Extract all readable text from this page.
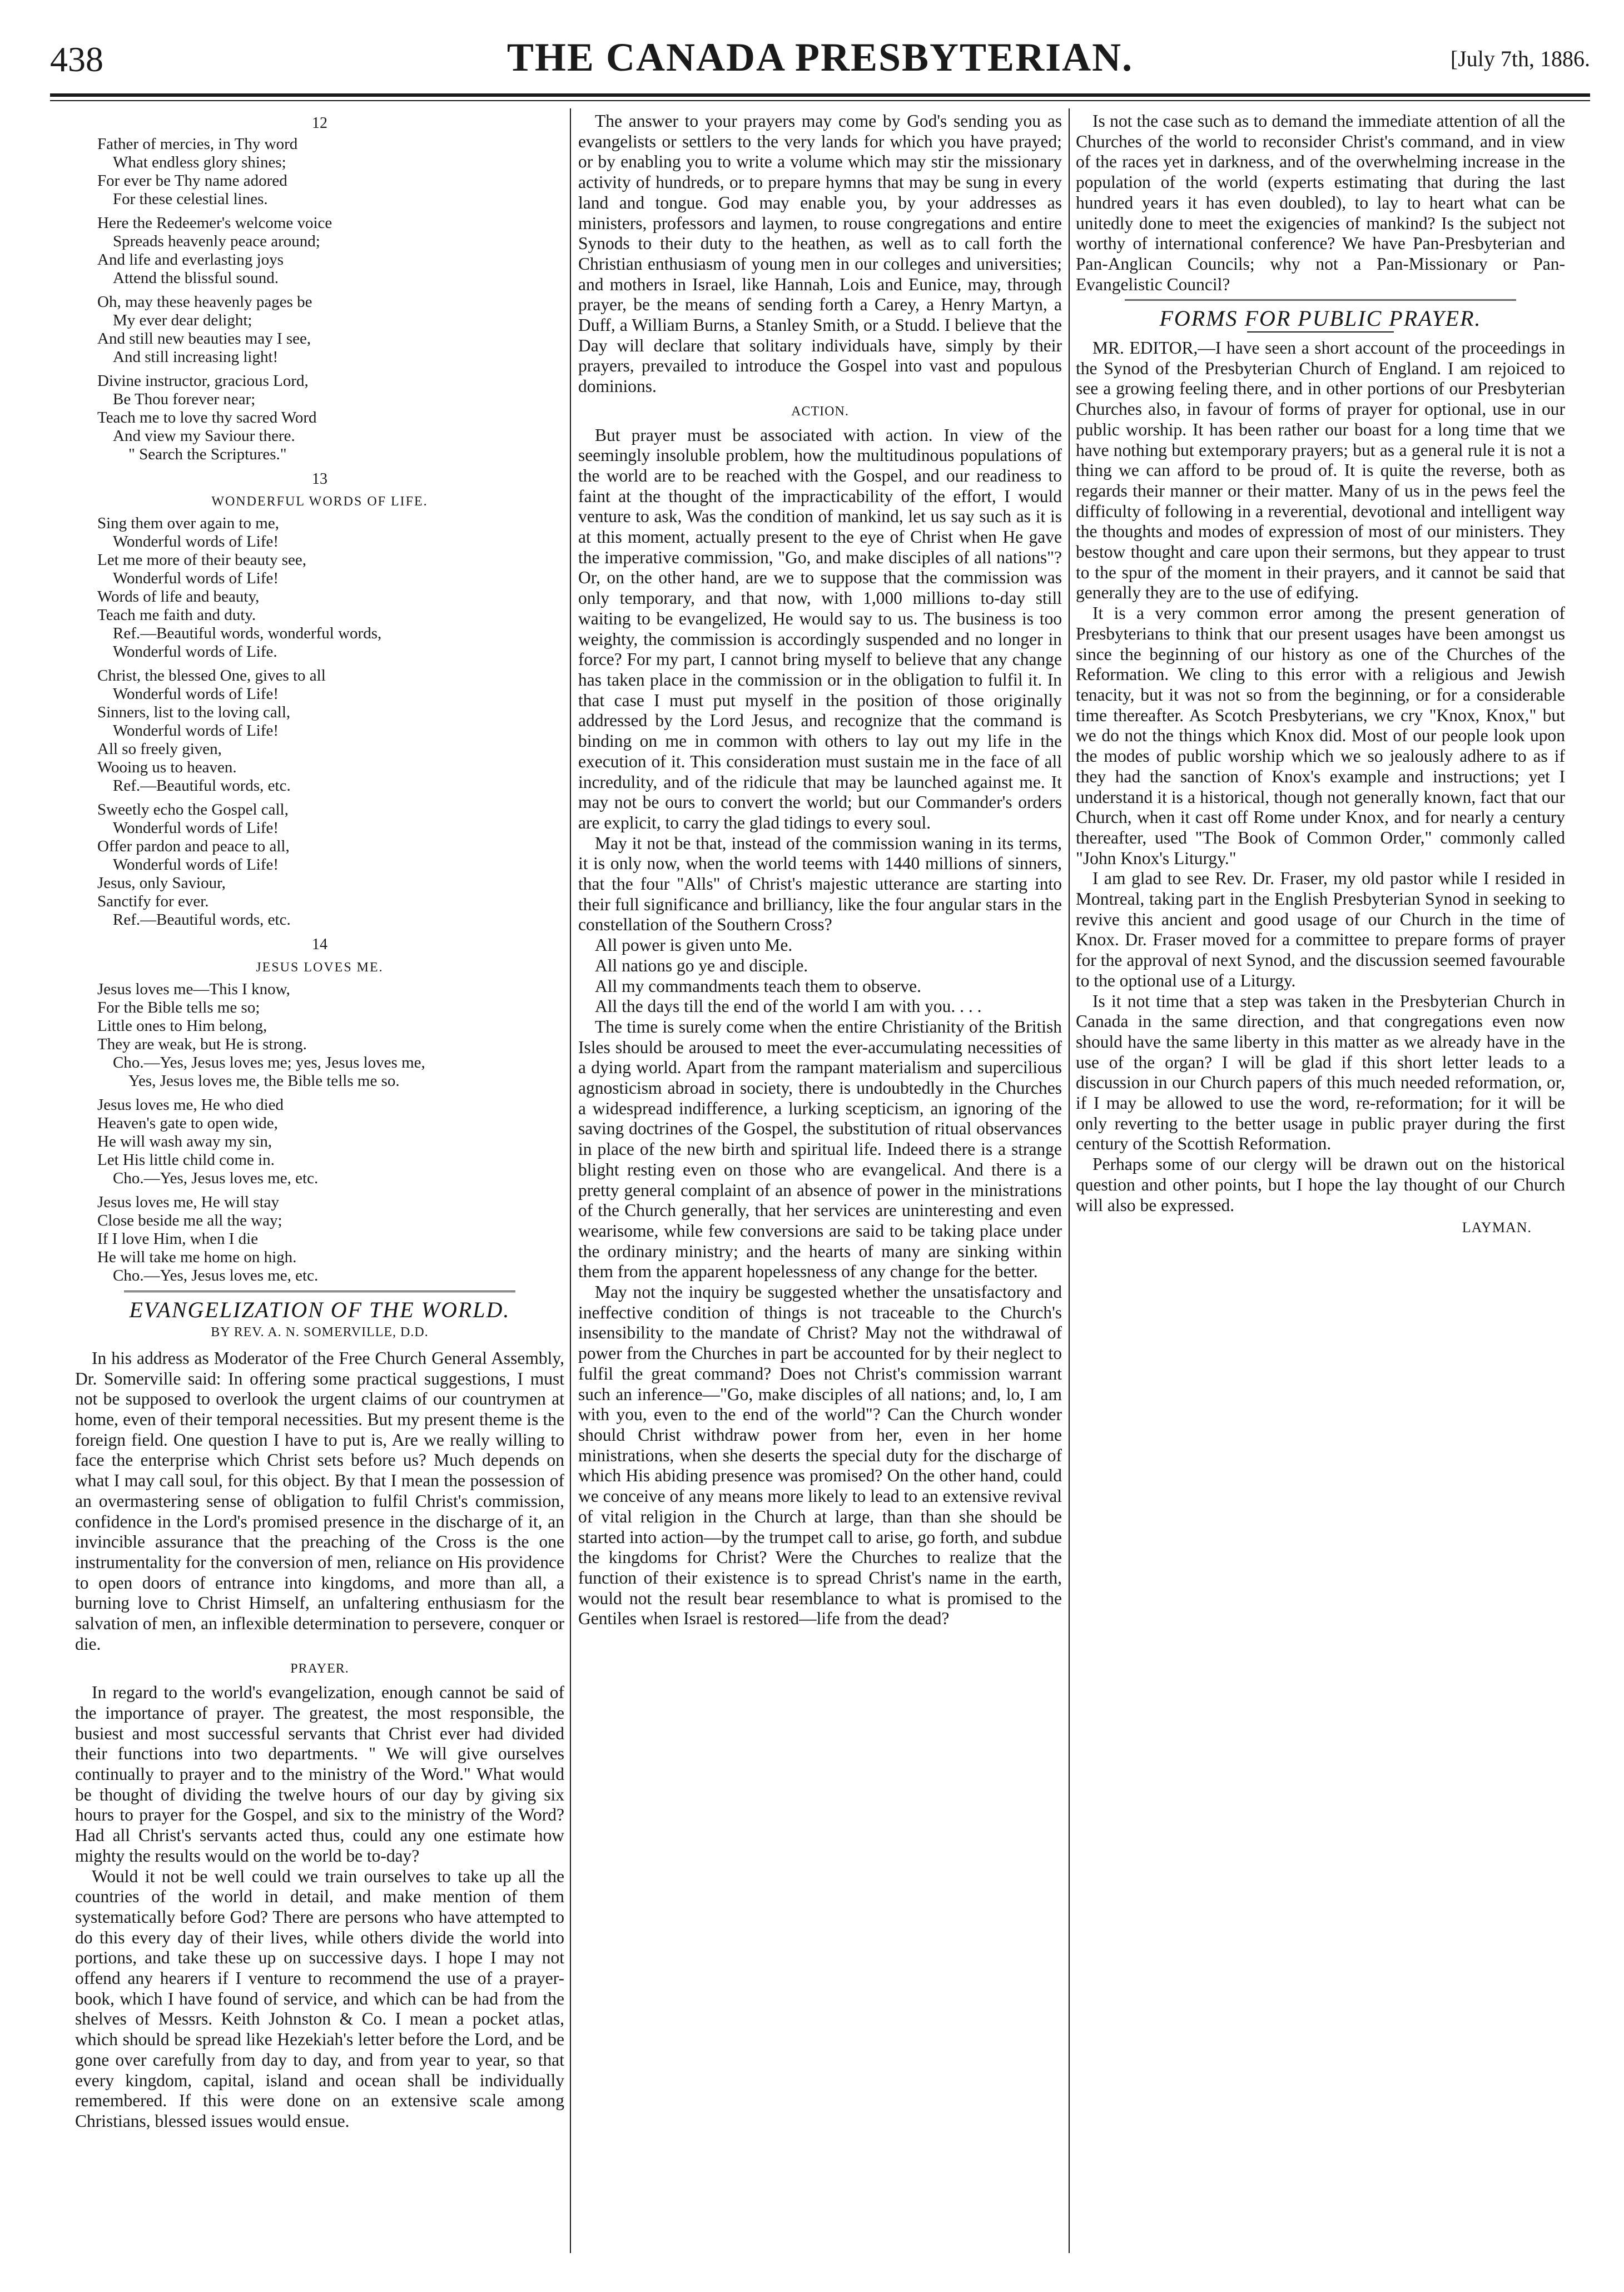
438	THE CANADA PRESBYTERIAN.	[July 7th, 1886.
12
Father of mercies, in Thy word
What endless glory shines;
For ever be Thy name adored
For these celestial lines.
Here the Redeemer's welcome voice
Spreads heavenly peace around;
And life and everlasting joys
Attend the blissful sound.
Oh, may these heavenly pages be
My ever dear delight;
And still new beauties may I see,
And still increasing light!
Divine instructor, gracious Lord,
Be Thou forever near;
Teach me to love thy sacred Word
And view my Saviour there.
" Search the Scriptures."
13
WONDERFUL WORDS OF LIFE.
Sing them over again to me,
Wonderful words of Life!
Let me more of their beauty see,
Wonderful words of Life!
Words of life and beauty,
Teach me faith and duty.
Ref.—Beautiful words, wonderful words,
Wonderful words of Life.
Christ, the blessed One, gives to all
Wonderful words of Life!
Sinners, list to the loving call,
Wonderful words of Life!
All so freely given,
Wooing us to heaven.
Ref.—Beautiful words, etc.
Sweetly echo the Gospel call,
Wonderful words of Life!
Offer pardon and peace to all,
Wonderful words of Life!
Jesus, only Saviour,
Sanctify for ever.
Ref.—Beautiful words, etc.
14
JESUS LOVES ME.
Jesus loves me—This I know,
For the Bible tells me so;
Little ones to Him belong,
They are weak, but He is strong.
Cho.—Yes, Jesus loves me; yes, Jesus loves me,
Yes, Jesus loves me, the Bible tells me so.
Jesus loves me, He who died
Heaven's gate to open wide,
He will wash away my sin,
Let His little child come in.
Cho.—Yes, Jesus loves me, etc.
Jesus loves me, He will stay
Close beside me all the way;
If I love Him, when I die
He will take me home on high.
Cho.—Yes, Jesus loves me, etc.
EVANGELIZATION OF THE WORLD.
BY REV. A. N. SOMERVILLE, D.D.

In his address as Moderator of the Free Church General Assembly, Dr. Somerville said: In offering some practical suggestions, I must not be supposed to overlook the urgent claims of our countrymen at home, even of their temporal necessities. But my present theme is the foreign field. One question I have to put is, Are we really willing to face the enterprise which Christ sets before us? Much depends on what I may call soul, for this object. By that I mean the possession of an overmastering sense of obligation to fulfil Christ's commission, confidence in the Lord's promised presence in the discharge of it, an invincible assurance that the preaching of the Cross is the one instrumentality for the conversion of men, reliance on His providence to open doors of entrance into kingdoms, and more than all, a burning love to Christ Himself, an unfaltering enthusiasm for the salvation of men, an inflexible determination to persevere, conquer or die.

PRAYER.

In regard to the world's evangelization, enough cannot be said of the importance of prayer. The greatest, the most responsible, the busiest and most successful servants that Christ ever had divided their functions into two departments. " We will give ourselves continually to prayer and to the ministry of the Word." What would be thought of dividing the twelve hours of our day by giving six hours to prayer for the Gospel, and six to the ministry of the Word? Had all Christ's servants acted thus, could any one estimate how mighty the results would on the world be to-day?

Would it not be well could we train ourselves to take up all the countries of the world in detail, and make mention of them systematically before God? There are persons who have attempted to do this every day of their lives, while others divide the world into portions, and take these up on successive days. I hope I may not offend any hearers if I venture to recommend the use of a prayer-book, which I have found of service, and which can be had from the shelves of Messrs. Keith Johnston & Co. I mean a pocket atlas, which should be spread like Hezekiah's letter before the Lord, and be gone over carefully from day to day, and from year to year, so that every kingdom, capital, island and ocean shall be individually remembered. If this were done on an extensive scale among Christians, blessed issues would ensue.

The answer to your prayers may come by God's sending you as evangelists or settlers to the very lands for which you have prayed; or by enabling you to write a volume which may stir the missionary activity of hundreds, or to prepare hymns that may be sung in every land and tongue. God may enable you, by your addresses as ministers, professors and laymen, to rouse congregations and entire Synods to their duty to the heathen, as well as to call forth the Christian enthusiasm of young men in our colleges and universities; and mothers in Israel, like Hannah, Lois and Eunice, may, through prayer, be the means of sending forth a Carey, a Henry Martyn, a Duff, a William Burns, a Stanley Smith, or a Studd. I believe that the Day will declare that solitary individuals have, simply by their prayers, prevailed to introduce the Gospel into vast and populous dominions.

ACTION.

But prayer must be associated with action. In view of the seemingly insoluble problem, how the multitudinous populations of the world are to be reached with the Gospel, and our readiness to faint at the thought of the impracticability of the effort, I would venture to ask, Was the condition of mankind, let us say such as it is at this moment, actually present to the eye of Christ when He gave the imperative commission, "Go, and make disciples of all nations"? Or, on the other hand, are we to suppose that the commission was only temporary, and that now, with 1,000 millions to-day still waiting to be evangelized, He would say to us. The business is too weighty, the commission is accordingly suspended and no longer in force? For my part, I cannot bring myself to believe that any change has taken place in the commission or in the obligation to fulfil it. In that case I must put myself in the position of those originally addressed by the Lord Jesus, and recognize that the command is binding on me in common with others to lay out my life in the execution of it. This consideration must sustain me in the face of all incredulity, and of the ridicule that may be launched against me. It may not be ours to convert the world; but our Commander's orders are explicit, to carry the glad tidings to every soul.

May it not be that, instead of the commission waning in its terms, it is only now, when the world teems with 1440 millions of sinners, that the four "Alls" of Christ's majestic utterance are starting into their full significance and brilliancy, like the four angular stars in the constellation of the Southern Cross?

All power is given unto Me.
All nations go ye and disciple.
All my commandments teach them to observe.
All the days till the end of the world I am with you. . . .

The time is surely come when the entire Christianity of the British Isles should be aroused to meet the ever-accumulating necessities of a dying world. Apart from the rampant materialism and supercilious agnosticism abroad in society, there is undoubtedly in the Churches a widespread indifference, a lurking scepticism, an ignoring of the saving doctrines of the Gospel, the substitution of ritual observances in place of the new birth and spiritual life. Indeed there is a strange blight resting even on those who are evangelical. And there is a pretty general complaint of an absence of power in the ministrations of the Church generally, that her services are uninteresting and even wearisome, while few conversions are said to be taking place under the ordinary ministry; and the hearts of many are sinking within them from the apparent hopelessness of any change for the better.

May not the inquiry be suggested whether the unsatisfactory and ineffective condition of things is not traceable to the Church's insensibility to the mandate of Christ? May not the withdrawal of power from the Churches in part be accounted for by their neglect to fulfil the great command? Does not Christ's commission warrant such an inference—"Go, make disciples of all nations; and, lo, I am with you, even to the end of the world"? Can the Church wonder should Christ withdraw power from her, even in her home ministrations, when she deserts the special duty for the discharge of which His abiding presence was promised? On the other hand, could we conceive of any means more likely to lead to an extensive revival of vital religion in the Church at large, than than she should be started into action—by the trumpet call to arise, go forth, and subdue the kingdoms for Christ? Were the Churches to realize that the function of their existence is to spread Christ's name in the earth, would not the result bear resemblance to what is promised to the Gentiles when Israel is restored—life from the dead?

Is not the case such as to demand the immediate attention of all the Churches of the world to reconsider Christ's command, and in view of the races yet in darkness, and of the overwhelming increase in the population of the world (experts estimating that during the last hundred years it has even doubled), to lay to heart what can be unitedly done to meet the exigencies of mankind? Is the subject not worthy of international conference? We have Pan-Presbyterian and Pan-Anglican Councils; why not a Pan-Missionary or Pan-Evangelistic Council?

FORMS FOR PUBLIC PRAYER.

MR. EDITOR,—I have seen a short account of the proceedings in the Synod of the Presbyterian Church of England. I am rejoiced to see a growing feeling there, and in other portions of our Presbyterian Churches also, in favour of forms of prayer for optional, use in our public worship. It has been rather our boast for a long time that we have nothing but extemporary prayers; but as a general rule it is not a thing we can afford to be proud of. It is quite the reverse, both as regards their manner or their matter. Many of us in the pews feel the difficulty of following in a reverential, devotional and intelligent way the thoughts and modes of expression of most of our ministers. They bestow thought and care upon their sermons, but they appear to trust to the spur of the moment in their prayers, and it cannot be said that generally they are to the use of edifying.

It is a very common error among the present generation of Presbyterians to think that our present usages have been amongst us since the beginning of our history as one of the Churches of the Reformation. We cling to this error with a religious and Jewish tenacity, but it was not so from the beginning, or for a considerable time thereafter. As Scotch Presbyterians, we cry "Knox, Knox," but we do not the things which Knox did. Most of our people look upon the modes of public worship which we so jealously adhere to as if they had the sanction of Knox's example and instructions; yet I understand it is a historical, though not generally known, fact that our Church, when it cast off Rome under Knox, and for nearly a century thereafter, used "The Book of Common Order," commonly called "John Knox's Liturgy."

I am glad to see Rev. Dr. Fraser, my old pastor while I resided in Montreal, taking part in the English Presbyterian Synod in seeking to revive this ancient and good usage of our Church in the time of Knox. Dr. Fraser moved for a committee to prepare forms of prayer for the approval of next Synod, and the discussion seemed favourable to the optional use of a Liturgy.

Is it not time that a step was taken in the Presbyterian Church in Canada in the same direction, and that congregations even now should have the same liberty in this matter as we already have in the use of the organ? I will be glad if this short letter leads to a discussion in our Church papers of this much needed reformation, or, if I may be allowed to use the word, re-reformation; for it will be only reverting to the better usage in public prayer during the first century of the Scottish Reformation.

Perhaps some of our clergy will be drawn out on the historical question and other points, but I hope the lay thought of our Church will also be expressed.

LAYMAN.
